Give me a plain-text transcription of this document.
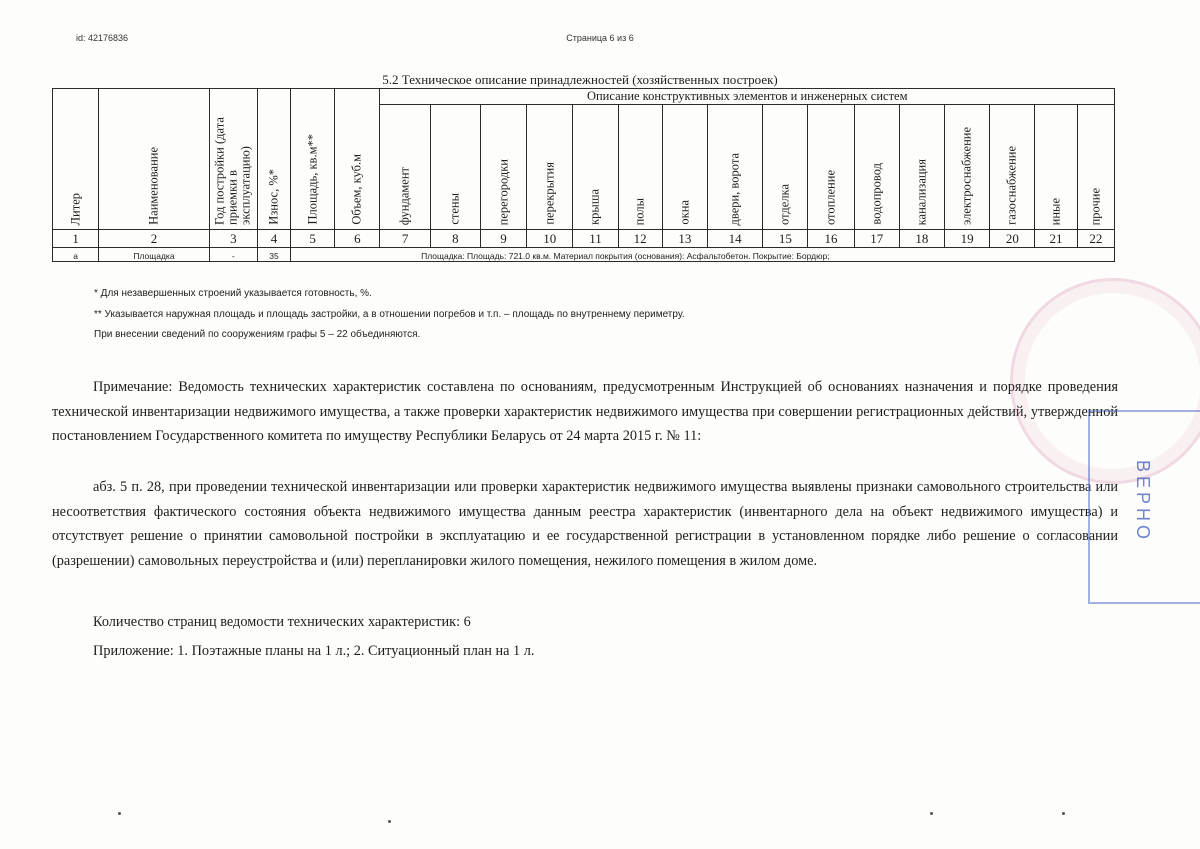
id: 42176836	Страница 6 из 6
5.2 Техническое описание принадлежностей (хозяйственных построек)
Литер	Наименование	Год постройки (дата приемки в эксплуатацию)	Износ, %*	Площадь, кв.м**	Объем, куб.м	Описание конструктивных элементов и инженерных систем															

						фундамент	стены	перегородки	перекрытия	крыша	полы	окна	двери, ворота	отделка	отопление	водопровод	канализация	электроснабжение	газоснабжение	иные	прочие

1	2	3	4	5	6	7	8	9	10	11	12	13	14	15	16	17	18	19	20	21	22
а	Площадка	-	35	Площадка: Площадь: 721.0 кв.м. Материал покрытия (основания): Асфальтобетон. Покрытие: Бордюр;																	
* Для незавершенных строений указывается готовность, %.
** Указывается наружная площадь и площадь застройки, а в отношении погребов и т.п. – площадь по внутреннему периметру.
При внесении сведений по сооружениям графы 5 – 22 объединяются.
Примечание: Ведомость технических характеристик составлена по основаниям, предусмотренным Инструкцией об основаниях назначения и порядке проведения технической инвентаризации недвижимого имущества, а также проверки характеристик недвижимого имущества при совершении регистрационных действий, утвержденной постановлением Государственного комитета по имуществу Республики Беларусь от 24 марта 2015 г. № 11:
абз. 5 п. 28, при проведении технической инвентаризации или проверки характеристик недвижимого имущества выявлены признаки самовольного строительства или несоответствия фактического состояния объекта недвижимого имущества данным реестра характеристик (инвентарного дела на объект недвижимого имущества) и отсутствует решение о принятии самовольной постройки в эксплуатацию и ее государственной регистрации в установленном порядке либо решение о согласовании (разрешении) самовольных переустройства и (или) перепланировки жилого помещения, нежилого помещения в жилом доме.
Количество страниц ведомости технических характеристик: 6
Приложение: 1. Поэтажные планы на 1 л.; 2. Ситуационный план на 1 л.
ВЕРНО
